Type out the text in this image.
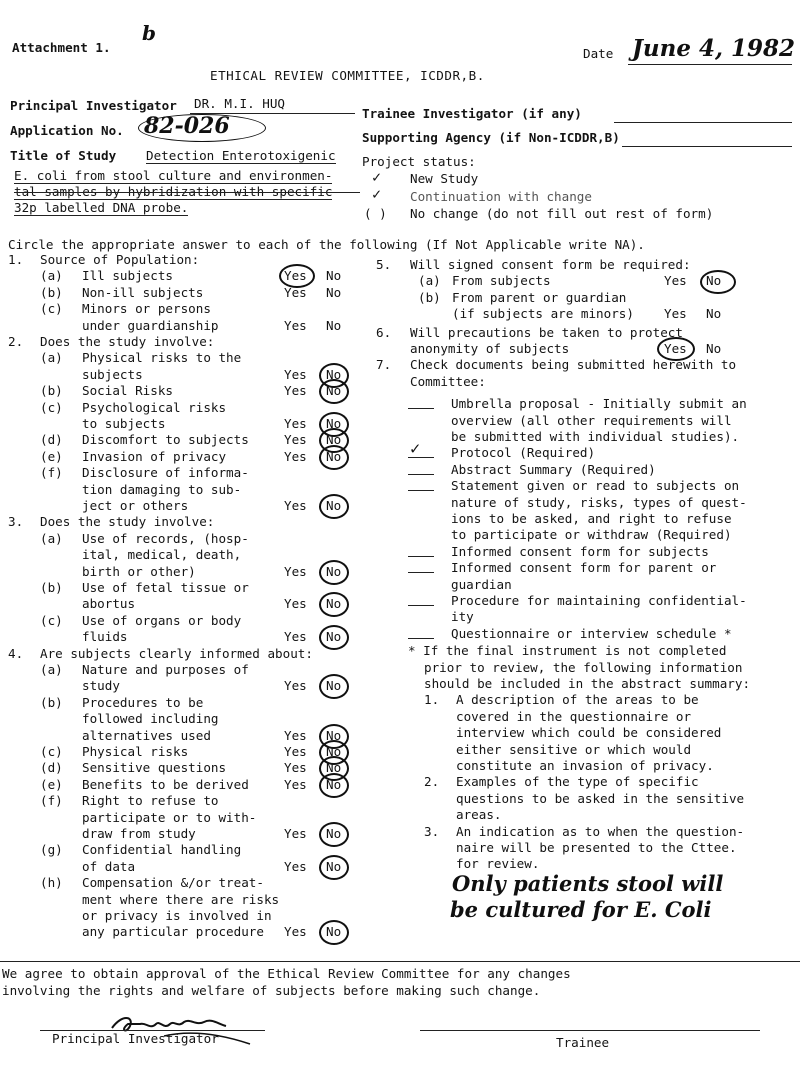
Attachment 1.
b
Date June 4, 1982
ETHICAL REVIEW COMMITTEE, ICDDR,B.
Principal Investigator DR. M.I. HUQ
Trainee Investigator (if any)
Application No. 82-026	Supporting Agency (if Non-ICDDR,B)
Title of Study Detection Enterotoxigenic
E. coli from stool culture and environmen-
tal samples by hybridization with specific
32p labelled DNA probe.
Project status:
✓ New Study
✓ Continuation with change
( ) No change (do not fill out rest of form)
Circle the appropriate answer to each of the following (If Not Applicable write NA).
1. Source of Population:
(a) Ill subjects	Yes No
(b) Non-ill subjects	Yes No
(c) Minors or persons
under guardianship	Yes No
2. Does the study involve:
(a) Physical risks to the
subjects	Yes No
(b) Social Risks	Yes No
(c) Psychological risks
to subjects	Yes No
(d) Discomfort to subjects	Yes No
(e) Invasion of privacy	Yes No
(f) Disclosure of informa-
tion damaging to sub-
ject or others	Yes No
3. Does the study involve:
(a) Use of records, (hosp-
ital, medical, death,
birth or other)	Yes No
(b) Use of fetal tissue or
abortus	Yes No
(c) Use of organs or body
fluids	Yes No
4. Are subjects clearly informed about:
(a) Nature and purposes of
study	Yes No
(b) Procedures to be
followed including
alternatives used	Yes No
(c) Physical risks	Yes No
(d) Sensitive questions	Yes No
(e) Benefits to be derived	Yes No
(f) Right to refuse to
participate or to with-
draw from study	Yes No
(g) Confidential handling
of data	Yes No
(h) Compensation &/or treat-
ment where there are risks
or privacy is involved in
any particular procedure Yes No
5. Will signed consent form be required:
(a) From subjects	Yes No
(b) From parent or guardian
(if subjects are minors) Yes No
6. Will precautions be taken to protect
anonymity of subjects	Yes No
7. Check documents being submitted herewith to
Committee:
Umbrella proposal - Initially submit an
overview (all other requirements will
be submitted with individual studies).
✓ Protocol (Required)
Abstract Summary (Required)
Statement given or read to subjects on
nature of study, risks, types of quest-
ions to be asked, and right to refuse
to participate or withdraw (Required)
Informed consent form for subjects
Informed consent form for parent or
guardian
Procedure for maintaining confidential-
ity
Questionnaire or interview schedule *
* If the final instrument is not completed
prior to review, the following information
should be included in the abstract summary:
1. A description of the areas to be
covered in the questionnaire or
interview which could be considered
either sensitive or which would
constitute an invasion of privacy.
2. Examples of the type of specific
questions to be asked in the sensitive
areas.
3. An indication as to when the question-
naire will be presented to the Cttee.
for review.
Only patients stool will
be cultured for E. Coli
We agree to obtain approval of the Ethical Review Committee for any changes
involving the rights and welfare of subjects before making such change.
Principal Investigator	Trainee
